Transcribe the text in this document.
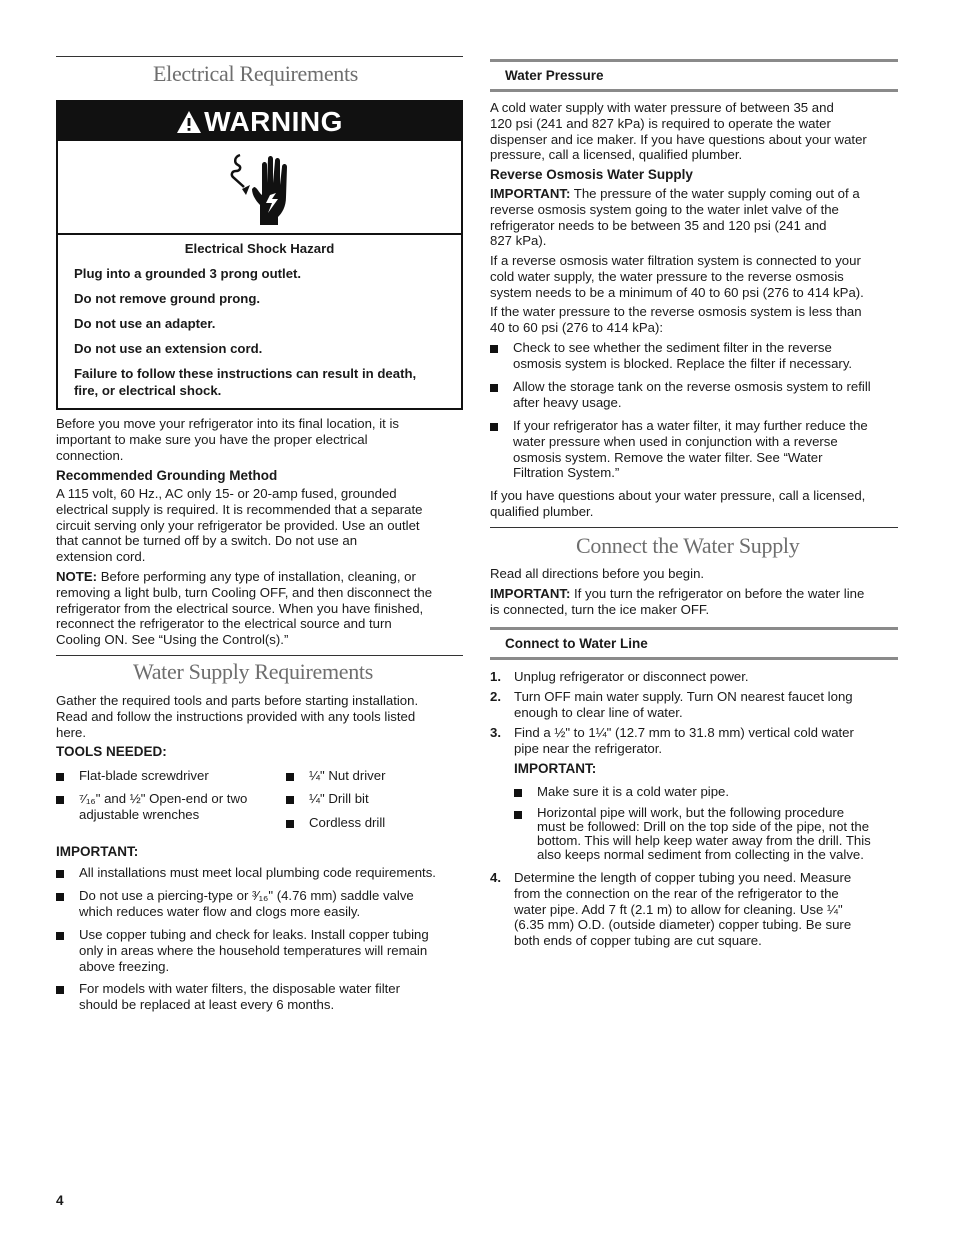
Electrical Requirements
WARNING
Electrical Shock Hazard
Plug into a grounded 3 prong outlet.
Do not remove ground prong.
Do not use an adapter.
Do not use an extension cord.
Failure to follow these instructions can result in death,
fire, or electrical shock.

Before you move your refrigerator into its final location, it is

important to make sure you have the proper electrical

connection.

Recommended Grounding Method

A 115 volt, 60 Hz., AC only 15- or 20-amp fused, grounded

electrical supply is required. It is recommended that a separate

circuit serving only your refrigerator be provided. Use an outlet

that cannot be turned off by a switch. Do not use an

extension cord.

NOTE: Before performing any type of installation, cleaning, or

removing a light bulb, turn Cooling OFF, and then disconnect the

refrigerator from the electrical source. When you have finished,

reconnect the refrigerator to the electrical source and turn

Cooling ON. See “Using the Control(s).”

Water Supply Requirements

Gather the required tools and parts before starting installation.

Read and follow the instructions provided with any tools listed

here.

TOOLS NEEDED:

Flat-blade screwdriver

⁷⁄₁₆" and ½" Open-end or two

adjustable wrenches

¼" Nut driver

¼" Drill bit

Cordless drill

IMPORTANT:

All installations must meet local plumbing code requirements.

Do not use a piercing-type or ³⁄₁₆" (4.76 mm) saddle valve

which reduces water flow and clogs more easily.

Use copper tubing and check for leaks. Install copper tubing

only in areas where the household temperatures will remain

above freezing.

For models with water filters, the disposable water filter

should be replaced at least every 6 months.

Water Pressure

A cold water supply with water pressure of between 35 and

120 psi (241 and 827 kPa) is required to operate the water

dispenser and ice maker. If you have questions about your water

pressure, call a licensed, qualified plumber.

Reverse Osmosis Water Supply

IMPORTANT: The pressure of the water supply coming out of a

reverse osmosis system going to the water inlet valve of the

refrigerator needs to be between 35 and 120 psi (241 and

827 kPa).

If a reverse osmosis water filtration system is connected to your

cold water supply, the water pressure to the reverse osmosis

system needs to be a minimum of 40 to 60 psi (276 to 414 kPa).

If the water pressure to the reverse osmosis system is less than

40 to 60 psi (276 to 414 kPa):

Check to see whether the sediment filter in the reverse

osmosis system is blocked. Replace the filter if necessary.

Allow the storage tank on the reverse osmosis system to refill

after heavy usage.

If your refrigerator has a water filter, it may further reduce the

water pressure when used in conjunction with a reverse

osmosis system. Remove the water filter. See “Water

Filtration System.”

If you have questions about your water pressure, call a licensed,

qualified plumber.

Connect the Water Supply
Read all directions before you begin.

IMPORTANT: If you turn the refrigerator on before the water line

is connected, turn the ice maker OFF.

Connect to Water Line
1. Unplug refrigerator or disconnect power.

2. Turn OFF main water supply. Turn ON nearest faucet long

enough to clear line of water.

3. Find a ½" to 1¼" (12.7 mm to 31.8 mm) vertical cold water

pipe near the refrigerator.

IMPORTANT:

Make sure it is a cold water pipe.

Horizontal pipe will work, but the following procedure

must be followed: Drill on the top side of the pipe, not the

bottom. This will help keep water away from the drill. This

also keeps normal sediment from collecting in the valve.

4. Determine the length of copper tubing you need. Measure

from the connection on the rear of the refrigerator to the

water pipe. Add 7 ft (2.1 m) to allow for cleaning. Use ¼"

(6.35 mm) O.D. (outside diameter) copper tubing. Be sure

both ends of copper tubing are cut square.

4
